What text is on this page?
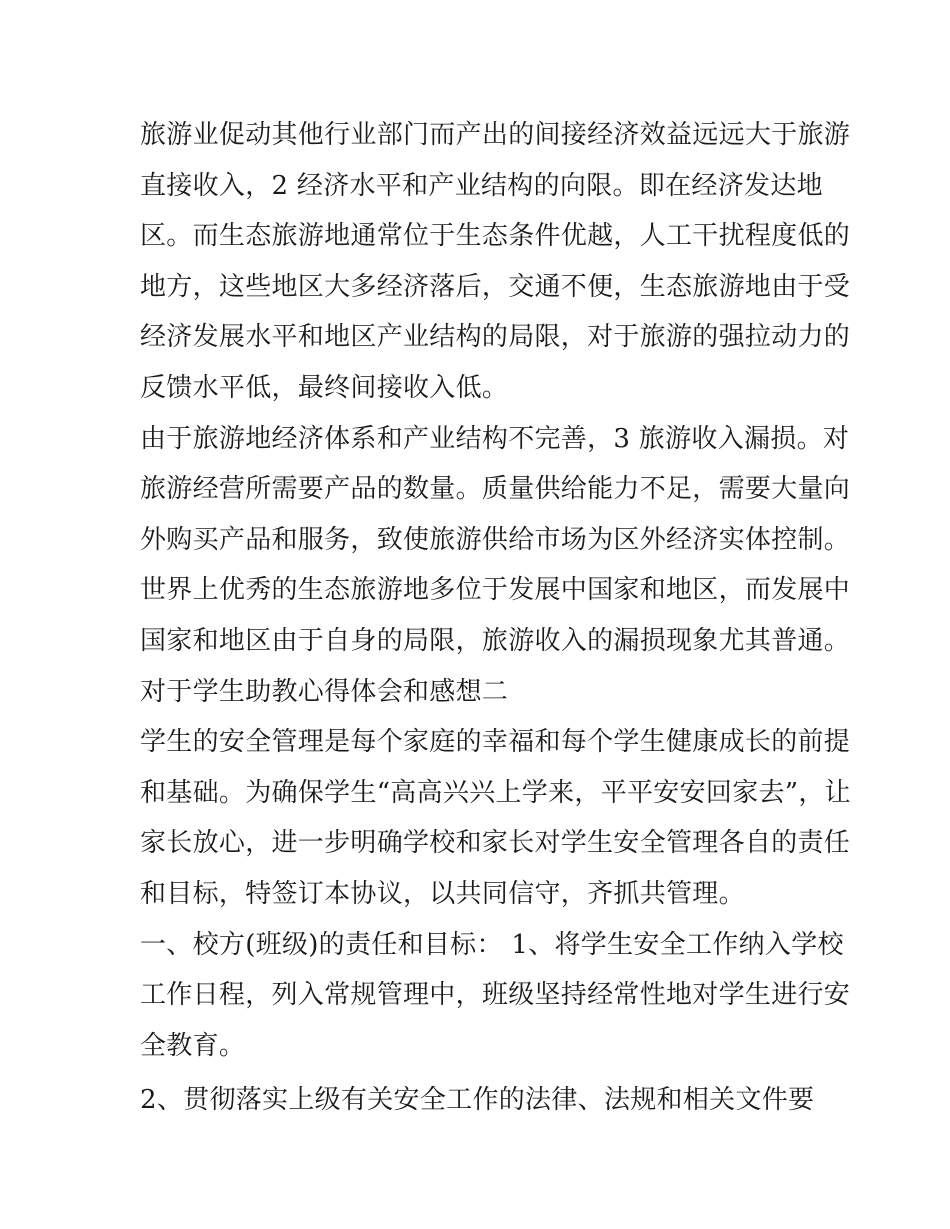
旅游业促动其他行业部门而产出的间接经济效益远远大于旅游
直接收入，2 经济水平和产业结构的向限。即在经济发达地
区。而生态旅游地通常位于生态条件优越，人工干扰程度低的
地方，这些地区大多经济落后，交通不便，生态旅游地由于受
经济发展水平和地区产业结构的局限，对于旅游的强拉动力的
反馈水平低，最终间接收入低。
由于旅游地经济体系和产业结构不完善，3 旅游收入漏损。对
旅游经营所需要产品的数量。质量供给能力不足，需要大量向
外购买产品和服务，致使旅游供给市场为区外经济实体控制。
世界上优秀的生态旅游地多位于发展中国家和地区，而发展中
国家和地区由于自身的局限，旅游收入的漏损现象尤其普通。
对于学生助教心得体会和感想二
学生的安全管理是每个家庭的幸福和每个学生健康成长的前提
和基础。为确保学生“高高兴兴上学来，平平安安回家去”，让
家长放心，进一步明确学校和家长对学生安全管理各自的责任
和目标，特签订本协议，以共同信守，齐抓共管理。
一、校方(班级)的责任和目标： 1、将学生安全工作纳入学校
工作日程，列入常规管理中，班级坚持经常性地对学生进行安
全教育。
2、贯彻落实上级有关安全工作的法律、法规和相关文件要
